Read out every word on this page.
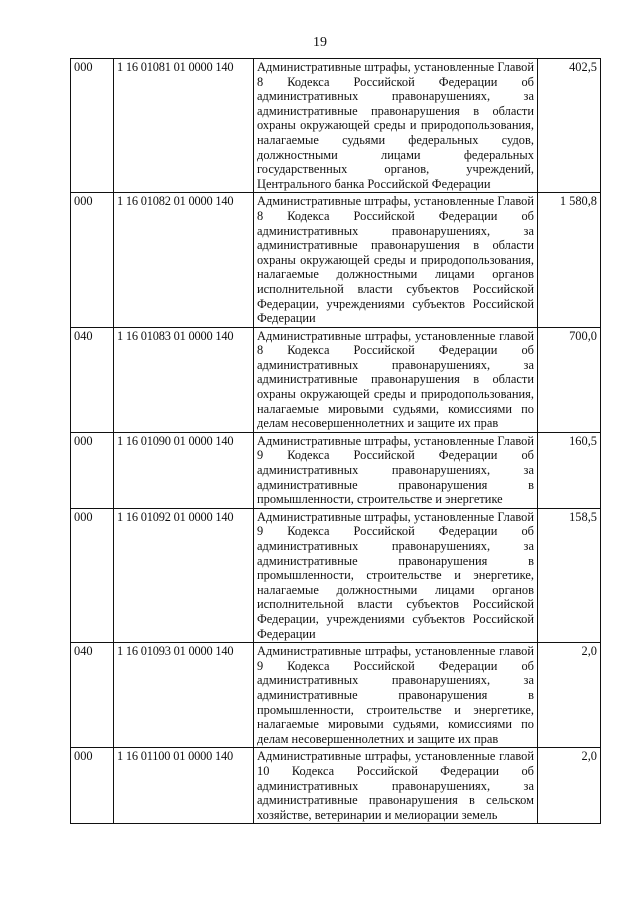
19
000	1 16 01081 01 0000 140	Административные штрафы, установленные Главой 8 Кодекса Российской Федерации об административных правонарушениях, за административные правонарушения в области охраны окружающей среды и природопользования, налагаемые судьями федеральных судов, должностными лицами федеральных государственных органов, учреждений, Центрального банка Российской Федерации	402,5
000	1 16 01082 01 0000 140	Административные штрафы, установленные Главой 8 Кодекса Российской Федерации об административных правонарушениях, за административные правонарушения в области охраны окружающей среды и природопользования, налагаемые должностными лицами органов исполнительной власти субъектов Российской Федерации, учреждениями субъектов Российской Федерации	1 580,8
040	1 16 01083 01 0000 140	Административные штрафы, установленные главой 8 Кодекса Российской Федерации об административных правонарушениях, за административные правонарушения в области охраны окружающей среды и природопользования, налагаемые мировыми судьями, комиссиями по делам несовершеннолетних и защите их прав	700,0
000	1 16 01090 01 0000 140	Административные штрафы, установленные Главой 9 Кодекса Российской Федерации об административных правонарушениях, за административные правонарушения в промышленности, строительстве и энергетике	160,5
000	1 16 01092 01 0000 140	Административные штрафы, установленные Главой 9 Кодекса Российской Федерации об административных правонарушениях, за административные правонарушения в промышленности, строительстве и энергетике, налагаемые должностными лицами органов исполнительной власти субъектов Российской Федерации, учреждениями субъектов Российской Федерации	158,5
040	1 16 01093 01 0000 140	Административные штрафы, установленные главой 9 Кодекса Российской Федерации об административных правонарушениях, за административные правонарушения в промышленности, строительстве и энергетике, налагаемые мировыми судьями, комиссиями по делам несовершеннолетних и защите их прав	2,0
000	1 16 01100 01 0000 140	Административные штрафы, установленные главой 10 Кодекса Российской Федерации об административных правонарушениях, за административные правонарушения в сельском хозяйстве, ветеринарии и мелиорации земель	2,0
